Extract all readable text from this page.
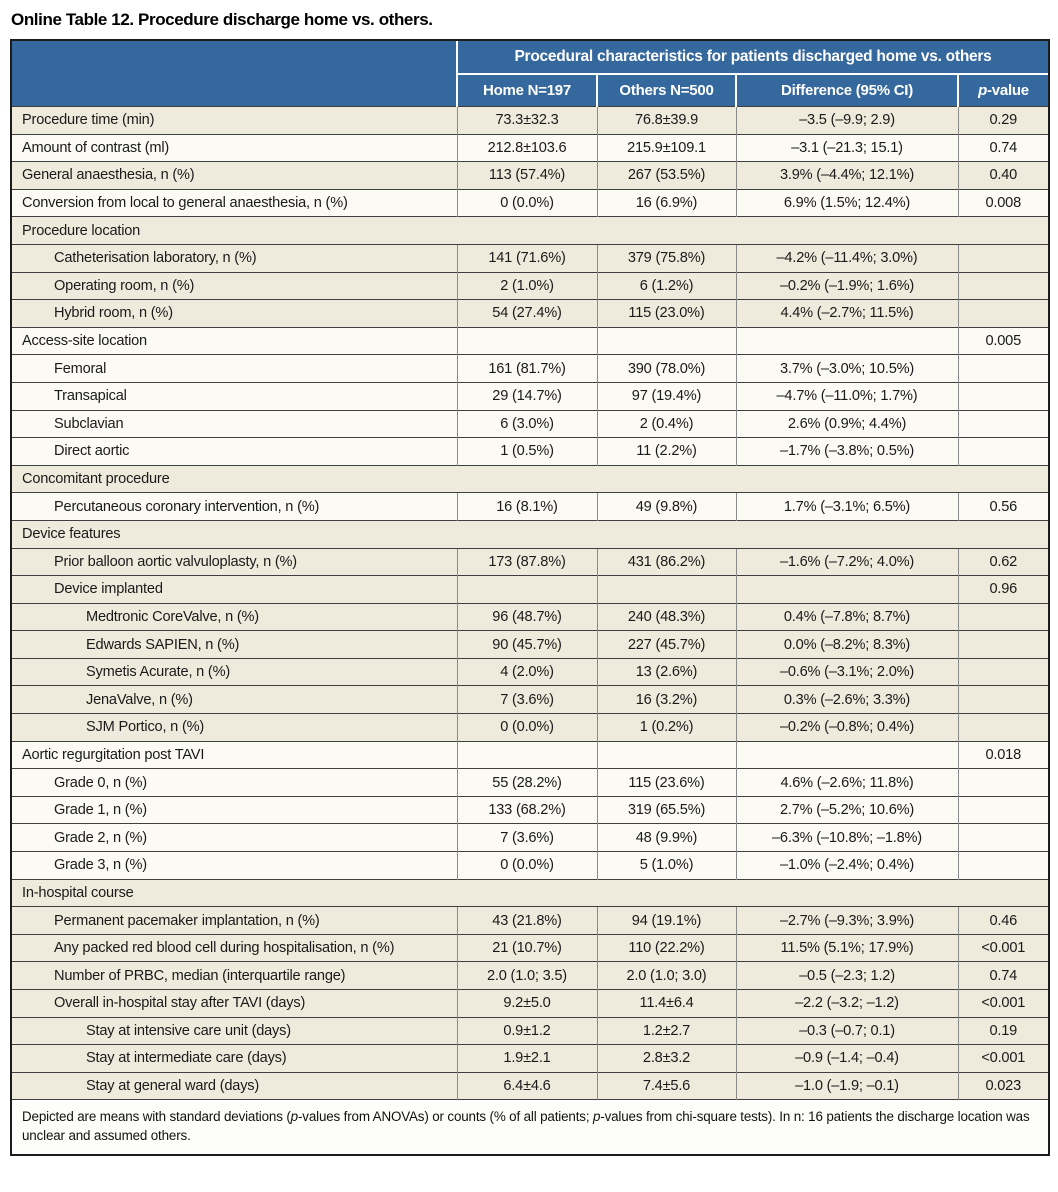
Online Table 12. Procedure discharge home vs. others.
	Procedural characteristics for patients discharged home vs. others			
	Home N=197	Others N=500	Difference (95% CI)	p-value
Procedure time (min)	73.3±32.3	76.8±39.9	–3.5 (–9.9; 2.9)	0.29
Amount of contrast (ml)	212.8±103.6	215.9±109.1	–3.1 (–21.3; 15.1)	0.74
General anaesthesia, n (%)	113 (57.4%)	267 (53.5%)	3.9% (–4.4%; 12.1%)	0.40
Conversion from local to general anaesthesia, n (%)	0 (0.0%)	16 (6.9%)	6.9% (1.5%; 12.4%)	0.008
Procedure location				
Catheterisation laboratory, n (%)	141 (71.6%)	379 (75.8%)	–4.2% (–11.4%; 3.0%)	
Operating room, n (%)	2 (1.0%)	6 (1.2%)	–0.2% (–1.9%; 1.6%)	
Hybrid room, n (%)	54 (27.4%)	115 (23.0%)	4.4% (–2.7%; 11.5%)	
Access-site location				0.005
Femoral	161 (81.7%)	390 (78.0%)	3.7% (–3.0%; 10.5%)	
Transapical	29 (14.7%)	97 (19.4%)	–4.7% (–11.0%; 1.7%)	
Subclavian	6 (3.0%)	2 (0.4%)	2.6% (0.9%; 4.4%)	
Direct aortic	1 (0.5%)	11 (2.2%)	–1.7% (–3.8%; 0.5%)	
Concomitant procedure				
Percutaneous coronary intervention, n (%)	16 (8.1%)	49 (9.8%)	1.7% (–3.1%; 6.5%)	0.56
Device features				
Prior balloon aortic valvuloplasty, n (%)	173 (87.8%)	431 (86.2%)	–1.6% (–7.2%; 4.0%)	0.62
Device implanted				0.96
Medtronic CoreValve, n (%)	96 (48.7%)	240 (48.3%)	0.4% (–7.8%; 8.7%)	
Edwards SAPIEN, n (%)	90 (45.7%)	227 (45.7%)	0.0% (–8.2%; 8.3%)	
Symetis Acurate, n (%)	4 (2.0%)	13 (2.6%)	–0.6% (–3.1%; 2.0%)	
JenaValve, n (%)	7 (3.6%)	16 (3.2%)	0.3% (–2.6%; 3.3%)	
SJM Portico, n (%)	0 (0.0%)	1 (0.2%)	–0.2% (–0.8%; 0.4%)	
Aortic regurgitation post TAVI				0.018
Grade 0, n (%)	55 (28.2%)	115 (23.6%)	4.6% (–2.6%; 11.8%)	
Grade 1, n (%)	133 (68.2%)	319 (65.5%)	2.7% (–5.2%; 10.6%)	
Grade 2, n (%)	7 (3.6%)	48 (9.9%)	–6.3% (–10.8%; –1.8%)	
Grade 3, n (%)	0 (0.0%)	5 (1.0%)	–1.0% (–2.4%; 0.4%)	
In-hospital course				
Permanent pacemaker implantation, n (%)	43 (21.8%)	94 (19.1%)	–2.7% (–9.3%; 3.9%)	0.46
Any packed red blood cell during hospitalisation, n (%)	21 (10.7%)	110 (22.2%)	11.5% (5.1%; 17.9%)	<0.001
Number of PRBC, median (interquartile range)	2.0 (1.0; 3.5)	2.0 (1.0; 3.0)	–0.5 (–2.3; 1.2)	0.74
Overall in-hospital stay after TAVI (days)	9.2±5.0	11.4±6.4	–2.2 (–3.2; –1.2)	<0.001
Stay at intensive care unit (days)	0.9±1.2	1.2±2.7	–0.3 (–0.7; 0.1)	0.19
Stay at intermediate care (days)	1.9±2.1	2.8±3.2	–0.9 (–1.4; –0.4)	<0.001
Stay at general ward (days)	6.4±4.6	7.4±5.6	–1.0 (–1.9; –0.1)	0.023
Depicted are means with standard deviations (p-values from ANOVAs) or counts (% of all patients; p-values from chi-square tests). In n: 16 patients the discharge location was unclear and assumed others.				
